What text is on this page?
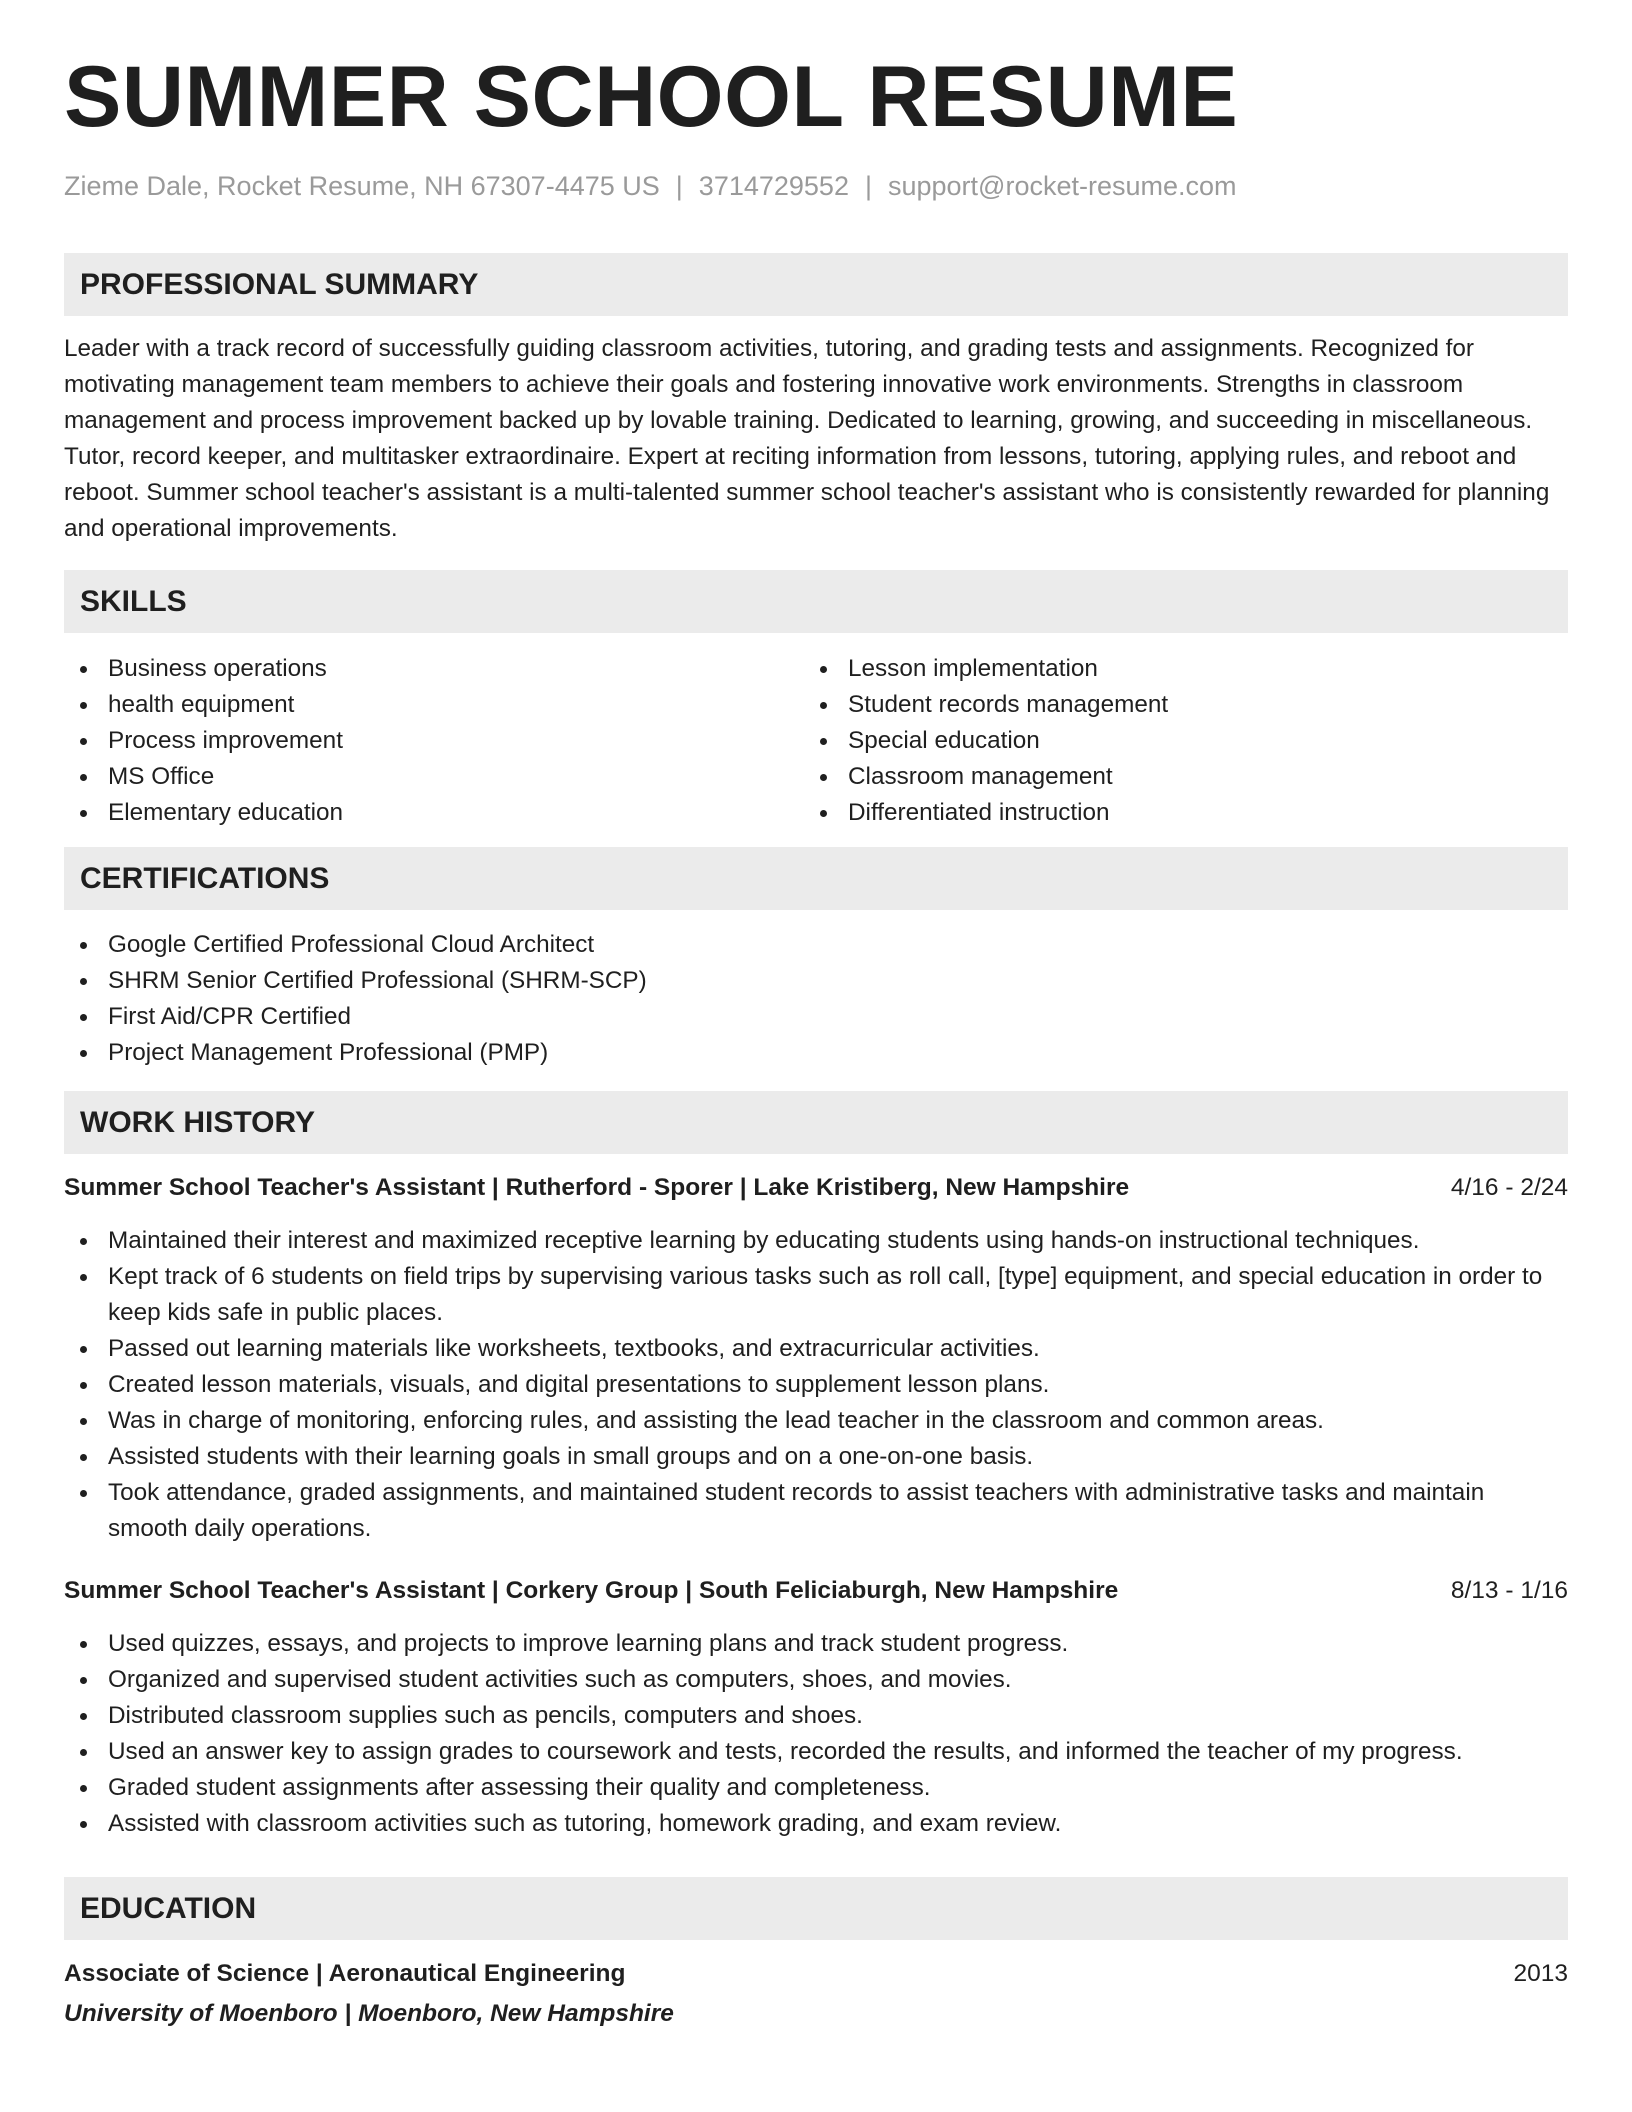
SUMMER SCHOOL RESUME
Zieme Dale, Rocket Resume, NH 67307-4475 US | 3714729552 | support@rocket-resume.com
PROFESSIONAL SUMMARY

Leader with a track record of successfully guiding classroom activities, tutoring, and grading tests and assignments. Recognized for motivating management team members to achieve their goals and fostering innovative work environments. Strengths in classroom management and process improvement backed up by lovable training. Dedicated to learning, growing, and succeeding in miscellaneous. Tutor, record keeper, and multitasker extraordinaire. Expert at reciting information from lessons, tutoring, applying rules, and reboot and reboot. Summer school teacher's assistant is a multi-talented summer school teacher's assistant who is consistently rewarded for planning and operational improvements.

SKILLS
Business operations
health equipment
Process improvement
MS Office
Elementary education
Lesson implementation
Student records management
Special education
Classroom management
Differentiated instruction
CERTIFICATIONS
Google Certified Professional Cloud Architect
SHRM Senior Certified Professional (SHRM-SCP)
First Aid/CPR Certified
Project Management Professional (PMP)
WORK HISTORY
Summer School Teacher's Assistant | Rutherford - Sporer | Lake Kristiberg, New Hampshire	4/16 - 2/24
Maintained their interest and maximized receptive learning by educating students using hands-on instructional techniques.
Kept track of 6 students on field trips by supervising various tasks such as roll call, [type] equipment, and special education in order to keep kids safe in public places.
Passed out learning materials like worksheets, textbooks, and extracurricular activities.
Created lesson materials, visuals, and digital presentations to supplement lesson plans.
Was in charge of monitoring, enforcing rules, and assisting the lead teacher in the classroom and common areas.
Assisted students with their learning goals in small groups and on a one-on-one basis.
Took attendance, graded assignments, and maintained student records to assist teachers with administrative tasks and maintain smooth daily operations.
Summer School Teacher's Assistant | Corkery Group | South Feliciaburgh, New Hampshire	8/13 - 1/16
Used quizzes, essays, and projects to improve learning plans and track student progress.
Organized and supervised student activities such as computers, shoes, and movies.
Distributed classroom supplies such as pencils, computers and shoes.
Used an answer key to assign grades to coursework and tests, recorded the results, and informed the teacher of my progress.
Graded student assignments after assessing their quality and completeness.
Assisted with classroom activities such as tutoring, homework grading, and exam review.
EDUCATION
Associate of Science | Aeronautical Engineering	2013
University of Moenboro | Moenboro, New Hampshire
